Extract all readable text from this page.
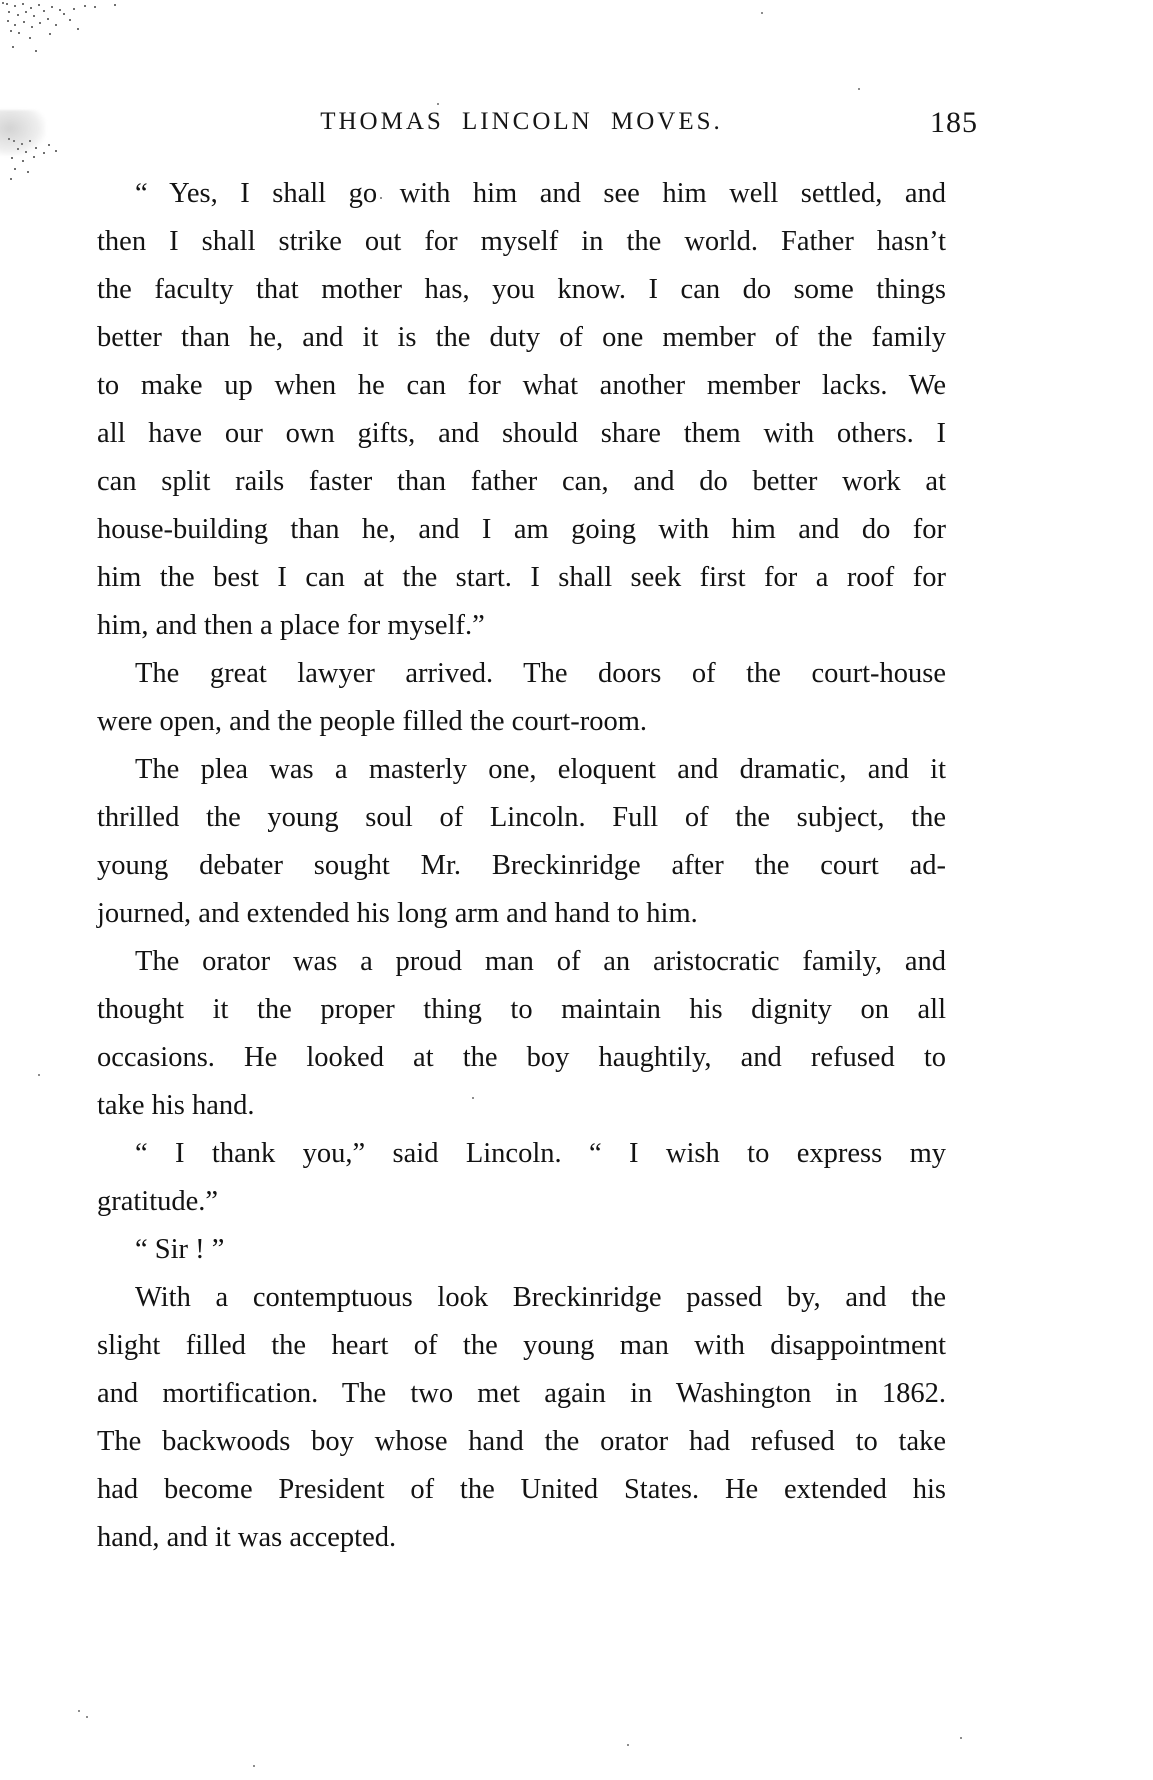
THOMAS LINCOLN MOVES.	185
“ Yes, I shall go with him and see him well settled, and
then I shall strike out for myself in the world. Father hasn’t
the faculty that mother has, you know. I can do some things
better than he, and it is the duty of one member of the family
to make up when he can for what another member lacks. We
all have our own gifts, and should share them with others. I
can split rails faster than father can, and do better work at
house-building than he, and I am going with him and do for
him the best I can at the start. I shall seek first for a roof for
him, and then a place for myself.”
The great lawyer arrived. The doors of the court-house
were open, and the people filled the court-room.
The plea was a masterly one, eloquent and dramatic, and it
thrilled the young soul of Lincoln. Full of the subject, the
young debater sought Mr. Breckinridge after the court ad-
journed, and extended his long arm and hand to him.
The orator was a proud man of an aristocratic family, and
thought it the proper thing to maintain his dignity on all
occasions. He looked at the boy haughtily, and refused to
take his hand.
“ I thank you,” said Lincoln. “ I wish to express my
gratitude.”
“ Sir ! ”
With a contemptuous look Breckinridge passed by, and the
slight filled the heart of the young man with disappointment
and mortification. The two met again in Washington in 1862.
The backwoods boy whose hand the orator had refused to take
had become President of the United States. He extended his
hand, and it was accepted.
